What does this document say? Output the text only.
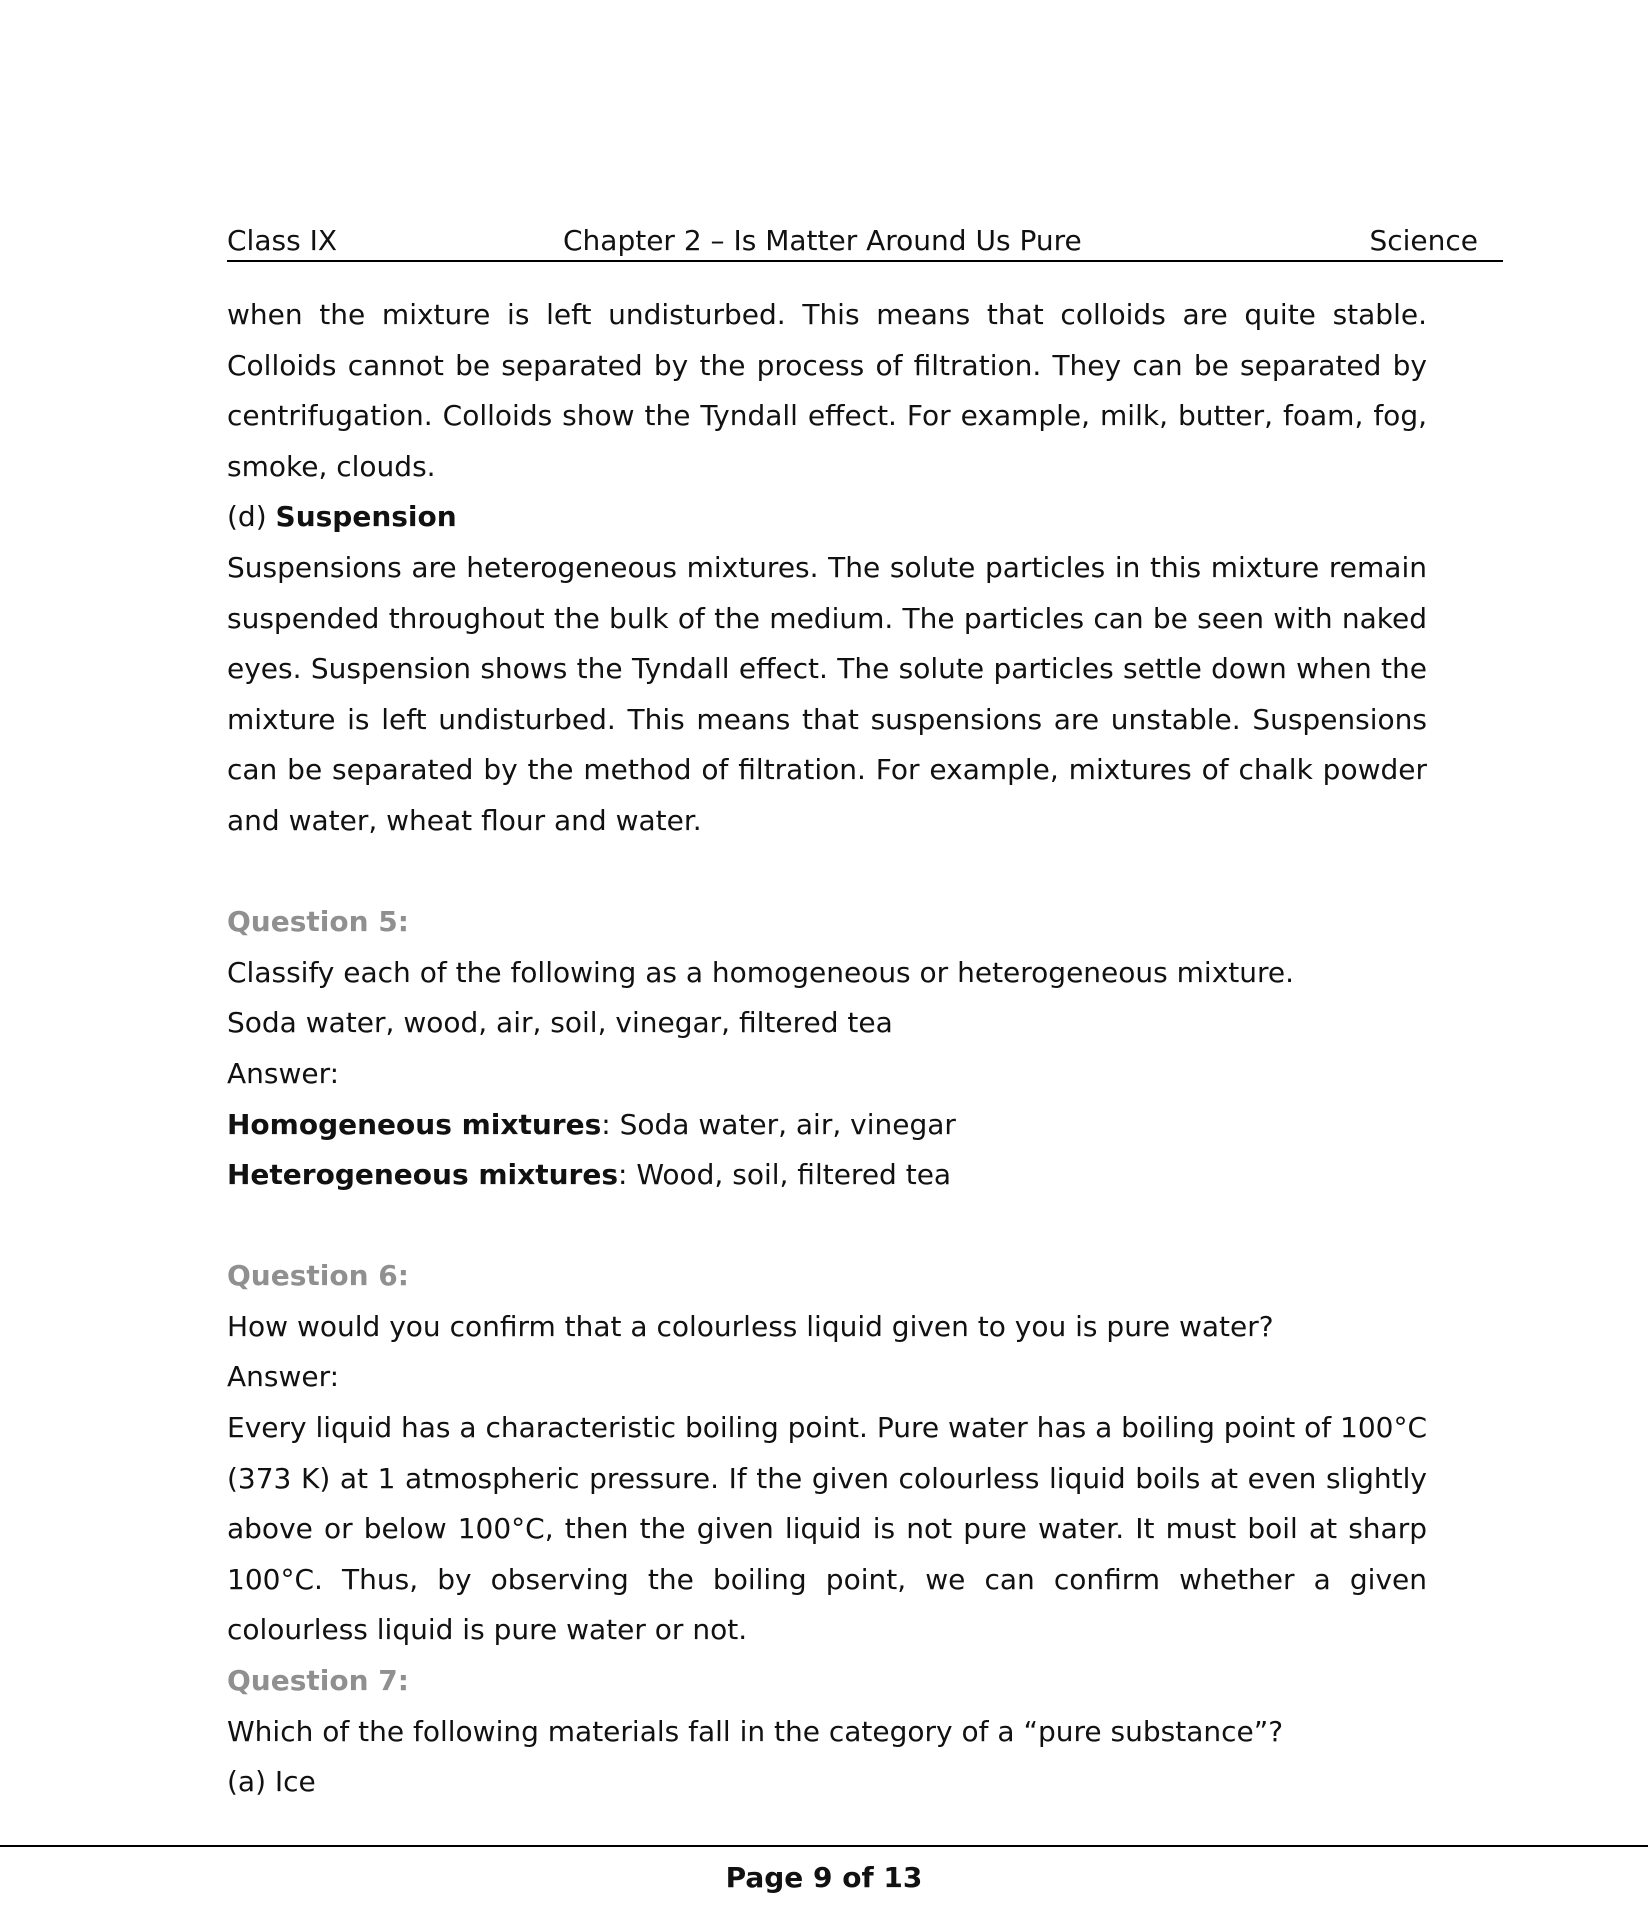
Class IX	Chapter 2 – Is Matter Around Us Pure	Science
when the mixture is left undisturbed. This means that colloids are quite stable.
Colloids cannot be separated by the process of filtration. They can be separated by
centrifugation. Colloids show the Tyndall effect. For example, milk, butter, foam, fog,
smoke, clouds.
(d) Suspension
Suspensions are heterogeneous mixtures. The solute particles in this mixture remain
suspended throughout the bulk of the medium. The particles can be seen with naked
eyes. Suspension shows the Tyndall effect. The solute particles settle down when the
mixture is left undisturbed. This means that suspensions are unstable. Suspensions
can be separated by the method of filtration. For example, mixtures of chalk powder
and water, wheat flour and water.
Question 5:
Classify each of the following as a homogeneous or heterogeneous mixture.
Soda water, wood, air, soil, vinegar, filtered tea
Answer:
Homogeneous mixtures: Soda water, air, vinegar
Heterogeneous mixtures: Wood, soil, filtered tea
Question 6:
How would you confirm that a colourless liquid given to you is pure water?
Answer:
Every liquid has a characteristic boiling point. Pure water has a boiling point of 100°C
(373 K) at 1 atmospheric pressure. If the given colourless liquid boils at even slightly
above or below 100°C, then the given liquid is not pure water. It must boil at sharp
100°C. Thus, by observing the boiling point, we can confirm whether a given
colourless liquid is pure water or not.
Question 7:
Which of the following materials fall in the category of a “pure substance”?
(a) Ice
Page 9 of 13
